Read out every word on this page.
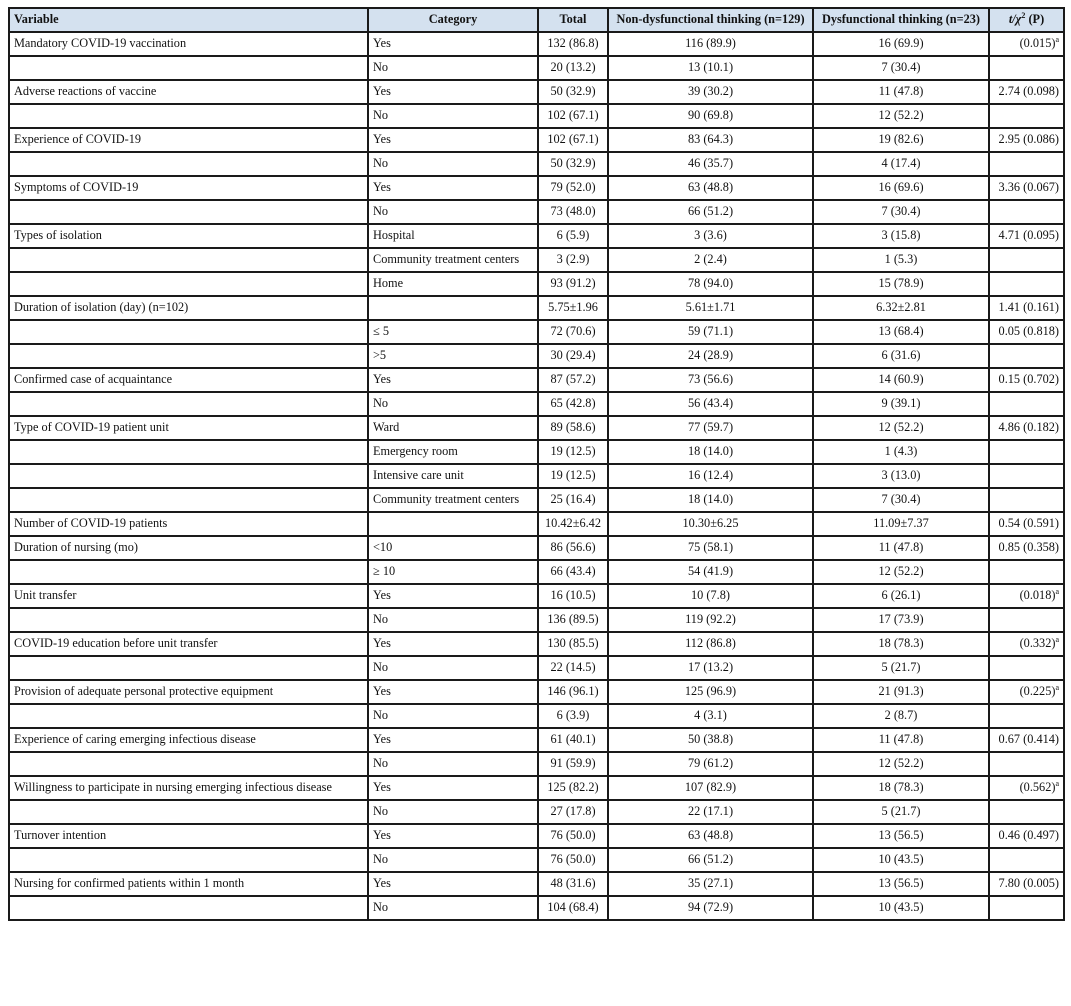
Variable	Category	Total	Non-dysfunctional thinking (n=129)	Dysfunctional thinking (n=23)	$t/\chi^2$ (P)
Mandatory COVID-19 vaccination	Yes	132 (86.8)	116 (89.9)	16 (69.9)	$(0.015)^a$
	No	20 (13.2)	13 (10.1)	7 (30.4)	
Adverse reactions of vaccine	Yes	50 (32.9)	39 (30.2)	11 (47.8)	2.74 (0.098)
	No	102 (67.1)	90 (69.8)	12 (52.2)	
Experience of COVID-19	Yes	102 (67.1)	83 (64.3)	19 (82.6)	2.95 (0.086)
	No	50 (32.9)	46 (35.7)	4 (17.4)	
Symptoms of COVID-19	Yes	79 (52.0)	63 (48.8)	16 (69.6)	3.36 (0.067)
	No	73 (48.0)	66 (51.2)	7 (30.4)	
Types of isolation	Hospital	6 (5.9)	3 (3.6)	3 (15.8)	4.71 (0.095)
	Community treatment centers	3 (2.9)	2 (2.4)	1 (5.3)	
	Home	93 (91.2)	78 (94.0)	15 (78.9)	
Duration of isolation (day) (n=102)		5.75±1.96	5.61±1.71	6.32±2.81	1.41 (0.161)
	≤ 5	72 (70.6)	59 (71.1)	13 (68.4)	0.05 (0.818)
	>5	30 (29.4)	24 (28.9)	6 (31.6)	
Confirmed case of acquaintance	Yes	87 (57.2)	73 (56.6)	14 (60.9)	0.15 (0.702)
	No	65 (42.8)	56 (43.4)	9 (39.1)	
Type of COVID-19 patient unit	Ward	89 (58.6)	77 (59.7)	12 (52.2)	4.86 (0.182)
	Emergency room	19 (12.5)	18 (14.0)	1 (4.3)	
	Intensive care unit	19 (12.5)	16 (12.4)	3 (13.0)	
	Community treatment centers	25 (16.4)	18 (14.0)	7 (30.4)	
Number of COVID-19 patients		10.42±6.42	10.30±6.25	11.09±7.37	0.54 (0.591)
Duration of nursing (mo)	<10	86 (56.6)	75 (58.1)	11 (47.8)	0.85 (0.358)
	≥ 10	66 (43.4)	54 (41.9)	12 (52.2)	
Unit transfer	Yes	16 (10.5)	10 (7.8)	6 (26.1)	$(0.018)^a$
	No	136 (89.5)	119 (92.2)	17 (73.9)	
COVID-19 education before unit transfer	Yes	130 (85.5)	112 (86.8)	18 (78.3)	$(0.332)^a$
	No	22 (14.5)	17 (13.2)	5 (21.7)	
Provision of adequate personal protective equipment	Yes	146 (96.1)	125 (96.9)	21 (91.3)	$(0.225)^a$
	No	6 (3.9)	4 (3.1)	2 (8.7)	
Experience of caring emerging infectious disease	Yes	61 (40.1)	50 (38.8)	11 (47.8)	0.67 (0.414)
	No	91 (59.9)	79 (61.2)	12 (52.2)	
Willingness to participate in nursing emerging infectious disease	Yes	125 (82.2)	107 (82.9)	18 (78.3)	$(0.562)^a$
	No	27 (17.8)	22 (17.1)	5 (21.7)	
Turnover intention	Yes	76 (50.0)	63 (48.8)	13 (56.5)	0.46 (0.497)
	No	76 (50.0)	66 (51.2)	10 (43.5)	
Nursing for confirmed patients within 1 month	Yes	48 (31.6)	35 (27.1)	13 (56.5)	7.80 (0.005)
	No	104 (68.4)	94 (72.9)	10 (43.5)	
